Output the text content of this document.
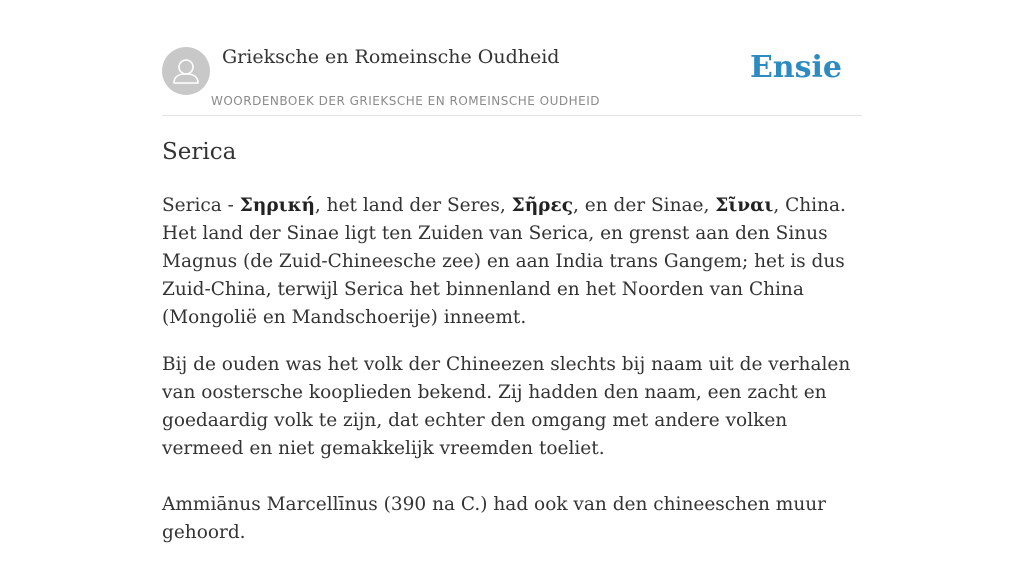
Grieksche en Romeinsche Oudheid
WOORDENBOEK DER GRIEKSCHE EN ROMEINSCHE OUDHEID
Ensie
Serica

Serica - Σηρική, het land der Seres, Σῆρες, en der Sinae, Σῖναι, China. Het land der Sinae ligt ten Zuiden van Serica, en grenst aan den Sinus Magnus (de Zuid-Chineesche zee) en aan India trans Gangem; het is dus Zuid-China, terwijl Serica het binnenland en het Noorden van China (Mongolië en Mandschoerije) inneemt.

Bij de ouden was het volk der Chineezen slechts bij naam uit de verhalen van oostersche kooplieden bekend. Zij hadden den naam, een zacht en goedaardig volk te zijn, dat echter den omgang met andere volken vermeed en niet gemakkelijk vreemden toeliet.

Ammiānus Marcellīnus (390 na C.) had ook van den chineeschen muur gehoord.
